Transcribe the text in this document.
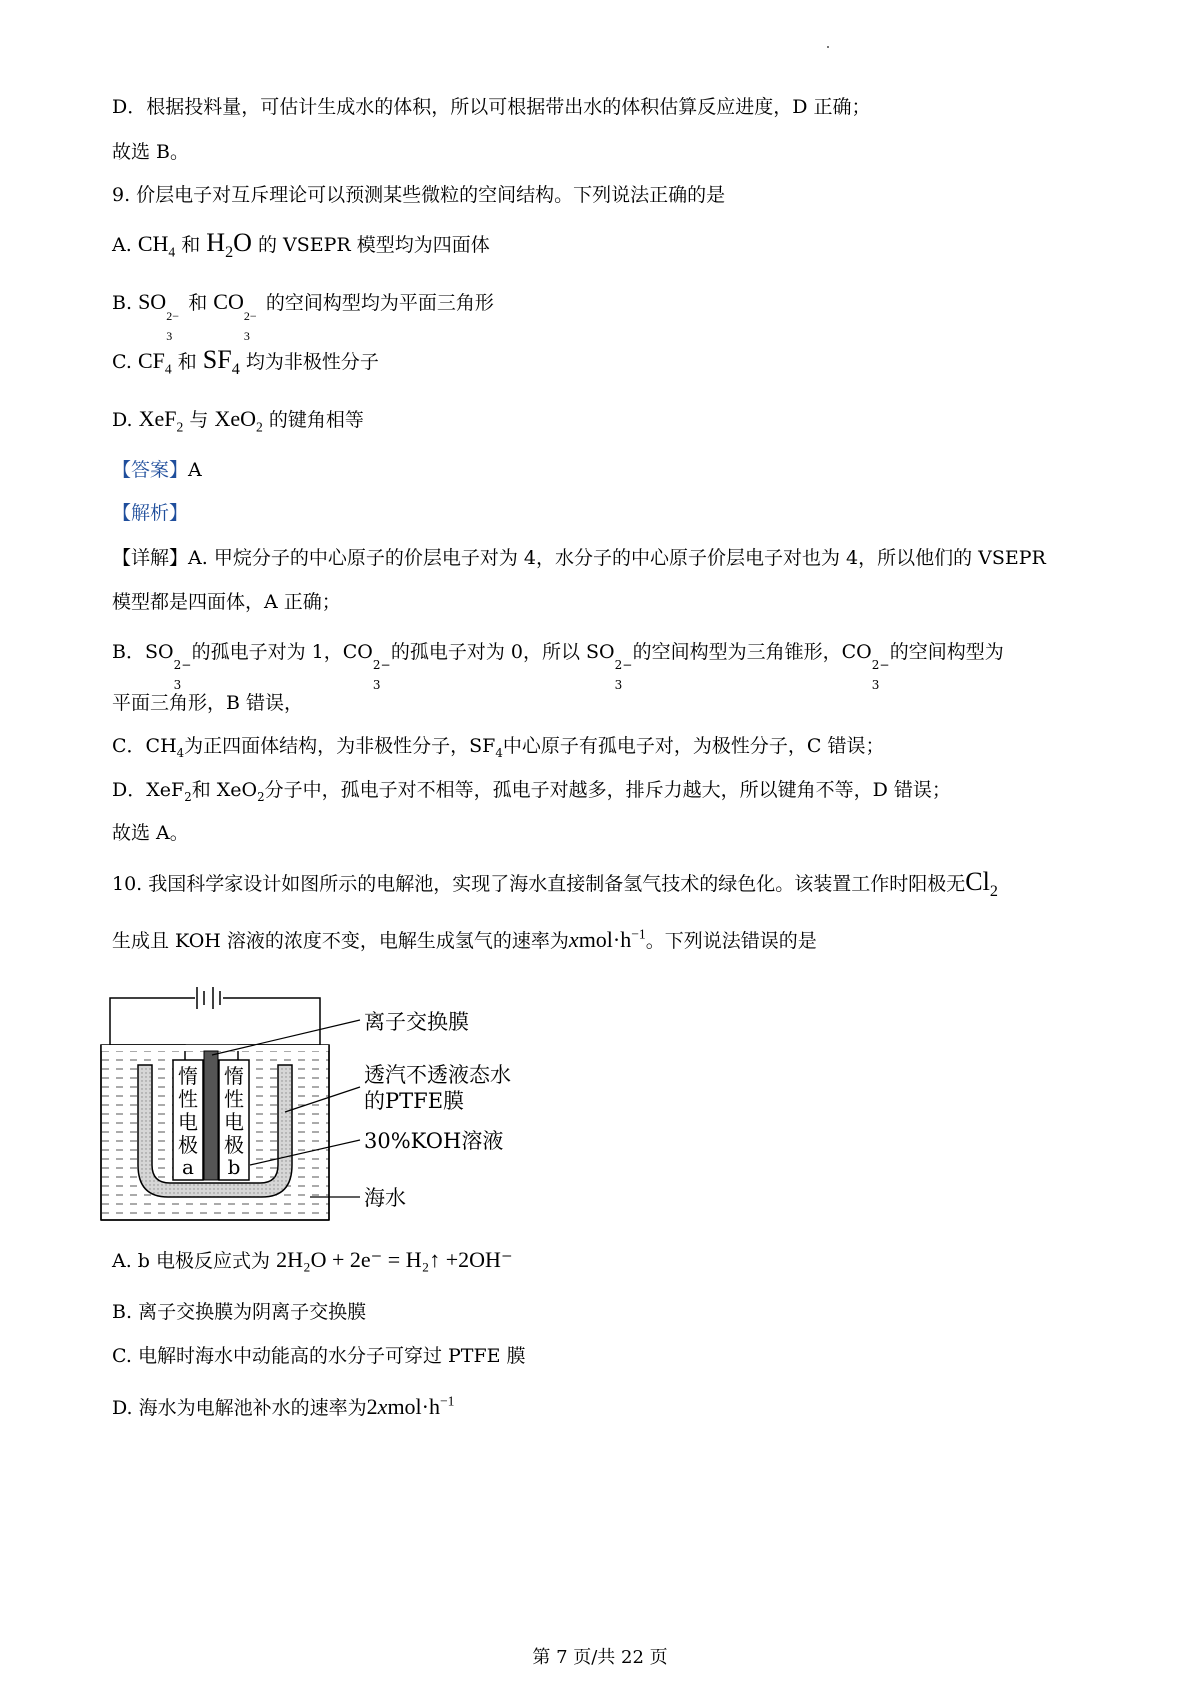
D．根据投料量，可估计生成水的体积，所以可根据带出水的体积估算反应进度，D 正确；
故选 B。
9. 价层电子对互斥理论可以预测某些微粒的空间结构。下列说法正确的是
A. $CH_4$ 和 $H_2O$ 的 VSEPR 模型均为四面体
B. SO
2−
3
和 CO
2−
3
的空间构型均为平面三角形
C. $CF_4$ 和 $SF_4$ 均为非极性分子
D. XeF$_2$ 与 XeO$_2$ 的键角相等
【答案】A
【解析】
【详解】A. 甲烷分子的中心原子的价层电子对为 4，水分子的中心原子价层电子对也为 4，所以他们的 VSEPR
模型都是四面体，A 正确；
B．SO
2−
3
的孤电子对为 1，CO
2−
3
的孤电子对为 0，所以 SO
2−
3
的空间构型为三角锥形，CO
2−
3
的空间构型为
平面三角形，B 错误，
C．$CH_4$为正四面体结构，为非极性分子，$SF_4$中心原子有孤电子对，为极性分子，C 错误；
D．XeF$_2$和 XeO$_2$分子中，孤电子对不相等，孤电子对越多，排斥力越大，所以键角不等，D 错误；
故选 A。
10. 我国科学家设计如图所示的电解池，实现了海水直接制备氢气技术的绿色化。该装置工作时阳极无$Cl_2$
生成且 KOH 溶液的浓度不变，电解生成氢气的速率为$xmol\cdot h^{-1}$。下列说法错误的是
惰
性
电
极
a
惰
性
电
极
b
离子交换膜
透汽不透液态水
的PTFE膜
30%KOH溶液
海水
A. b 电极反应式为 2H₂O + 2e⁻ = H₂↑ +2OH⁻
B. 离子交换膜为阴离子交换膜
C. 电解时海水中动能高的水分子可穿过 PTFE 膜
D. 海水为电解池补水的速率为$2xmol\cdot h^{-1}$
第 7 页/共 22 页
